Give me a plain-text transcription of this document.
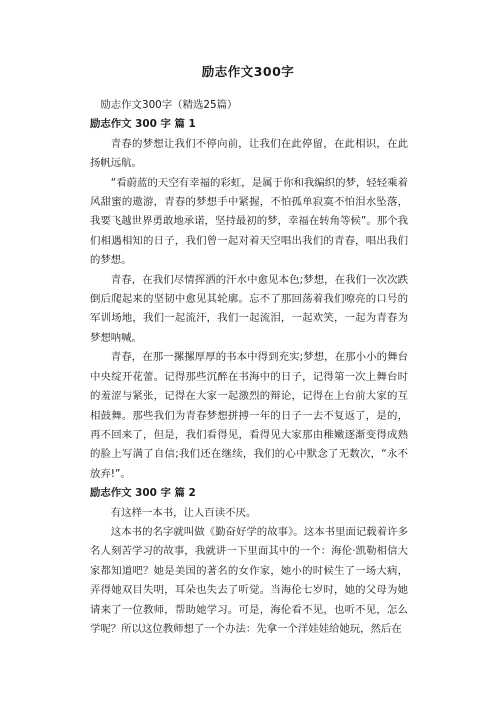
励志作文300字

励志作文300字（精选25篇）

励志作文 300 字 篇 1

青春的梦想让我们不停向前，让我们在此停留，在此相识，在此扬帆远航。

“看蔚蓝的天空有幸福的彩虹，是属于你和我编织的梦，轻轻乘着风甜蜜的遨游，青春的梦想手中紧握，不怕孤单寂寞不怕泪水坠落，我要飞越世界勇敢地承诺，坚持最初的梦，幸福在转角等候”。那个我们相遇相知的日子，我们曾一起对着天空唱出我们的青春，唱出我们的梦想。

青春，在我们尽情挥洒的汗水中愈见本色;梦想，在我们一次次跌倒后爬起来的坚韧中愈见其轮廓。忘不了那回荡着我们嘹亮的口号的军训场地，我们一起流汗，我们一起流泪，一起欢笑，一起为青春为梦想呐喊。

青春，在那一摞摞厚厚的书本中得到充实;梦想，在那小小的舞台中央绽开花蕾。记得那些沉醉在书海中的日子，记得第一次上舞台时的羞涩与紧张，记得在大家一起激烈的辩论，记得在上台前大家的互相鼓舞。那些我们为青春梦想拼搏一年的日子一去不复返了，是的，再不回来了，但是，我们看得见，看得见大家那由稚嫩逐渐变得成熟的脸上写满了自信;我们还在继续，我们的心中默念了无数次，“永不放弃!”。

励志作文 300 字 篇 2

有这样一本书，让人百读不厌。

这本书的名字就叫做《勤奋好学的故事》。这本书里面记载着许多名人刻苦学习的故事，我就讲一下里面其中的一个：海伦·凯勒相信大家都知道吧？她是美国的著名的女作家，她小的时候生了一场大病，弄得她双目失明，耳朵也失去了听觉。当海伦七岁时，她的父母为她请来了一位教师，帮助她学习。可是，海伦看不见，也听不见，怎么学呢？所以这位教师想了一个办法：先拿一个洋娃娃给她玩，然后在
